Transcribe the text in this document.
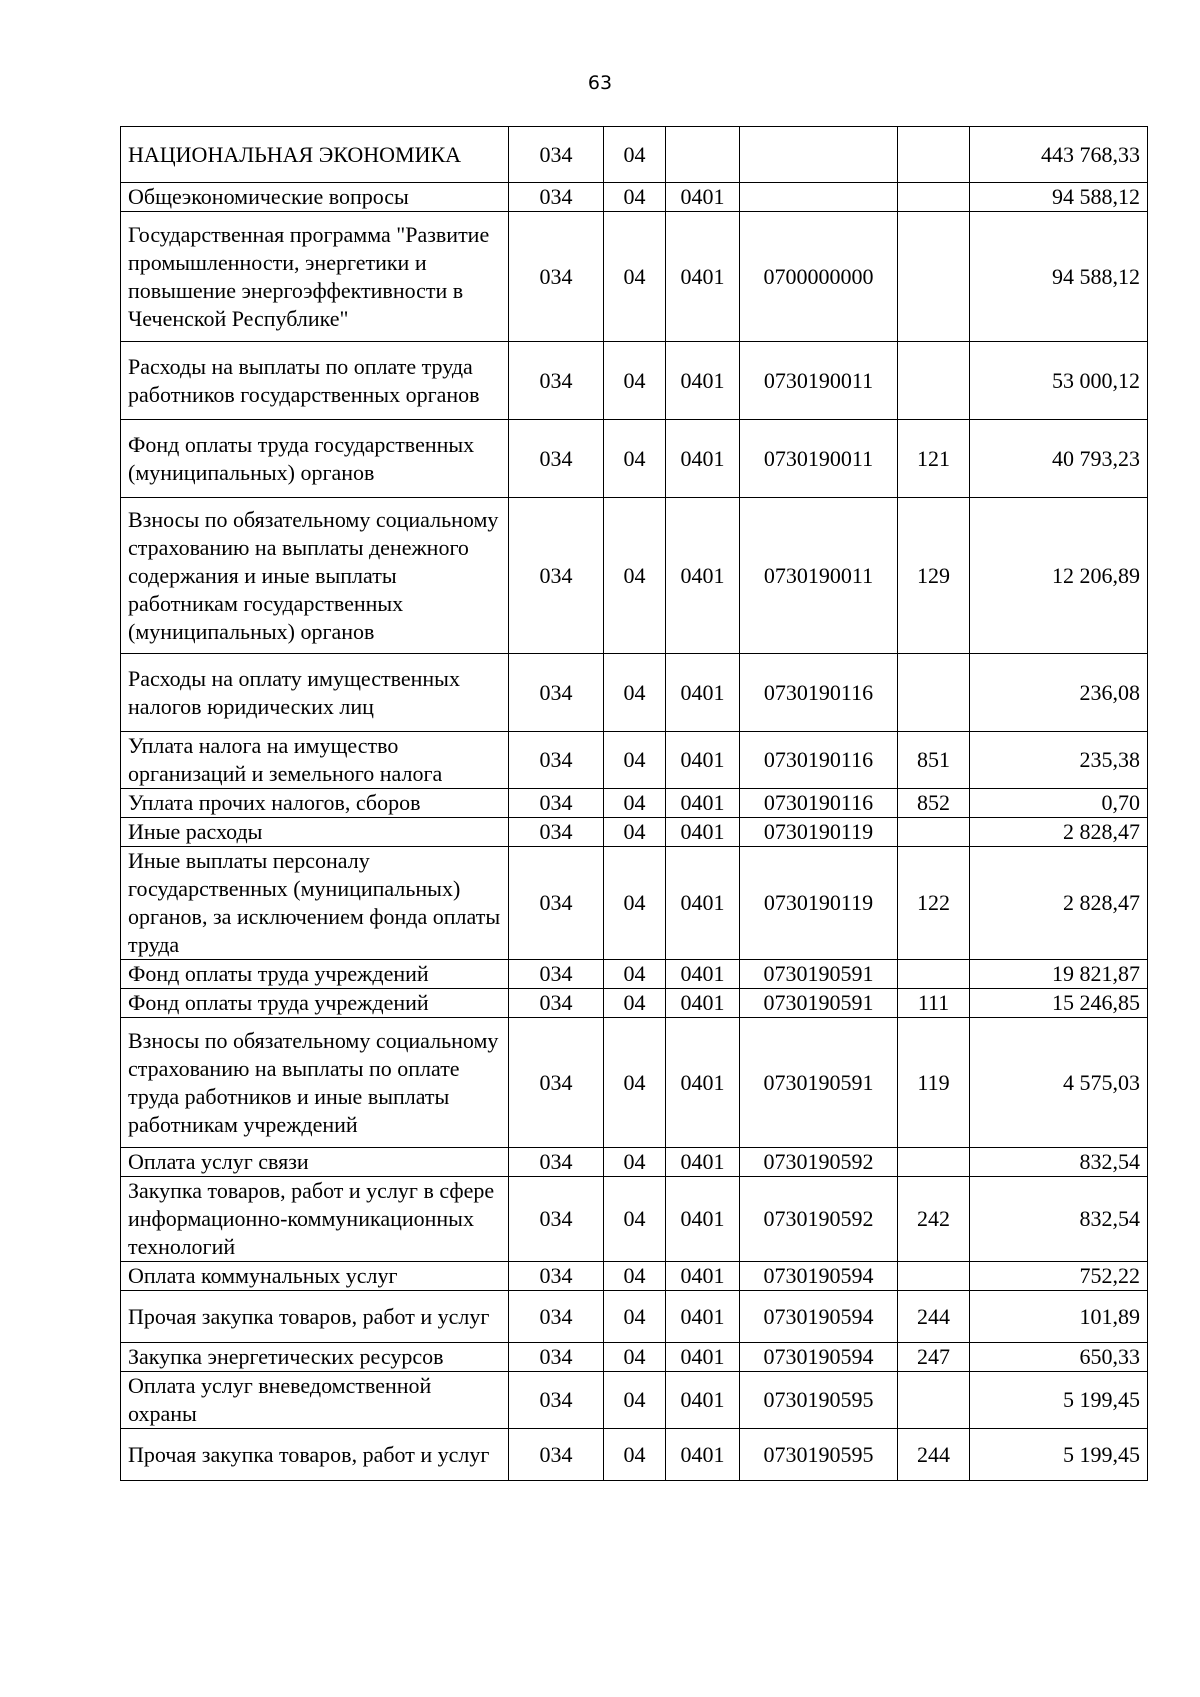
63
НАЦИОНАЛЬНАЯ ЭКОНОМИКА	034	04				443 768,33
Общеэкономические вопросы	034	04	0401			94 588,12
Государственная программа "Развитие промышленности, энергетики и повышение энергоэффективности в Чеченской Республике"	034	04	0401	0700000000		94 588,12
Расходы на выплаты по оплате труда работников государственных органов	034	04	0401	0730190011		53 000,12
Фонд оплаты труда государственных (муниципальных) органов	034	04	0401	0730190011	121	40 793,23
Взносы по обязательному социальному страхованию на выплаты денежного содержания и иные выплаты работникам государственных (муниципальных) органов	034	04	0401	0730190011	129	12 206,89
Расходы на оплату имущественных налогов юридических лиц	034	04	0401	0730190116		236,08
Уплата налога на имущество организаций и земельного налога	034	04	0401	0730190116	851	235,38
Уплата прочих налогов, сборов	034	04	0401	0730190116	852	0,70
Иные расходы	034	04	0401	0730190119		2 828,47
Иные выплаты персоналу государственных (муниципальных) органов, за исключением фонда оплаты труда	034	04	0401	0730190119	122	2 828,47
Фонд оплаты труда учреждений	034	04	0401	0730190591		19 821,87
Фонд оплаты труда учреждений	034	04	0401	0730190591	111	15 246,85
Взносы по обязательному социальному страхованию на выплаты по оплате труда работников и иные выплаты работникам учреждений	034	04	0401	0730190591	119	4 575,03
Оплата услуг связи	034	04	0401	0730190592		832,54
Закупка товаров, работ и услуг в сфере информационно-коммуникационных технологий	034	04	0401	0730190592	242	832,54
Оплата коммунальных услуг	034	04	0401	0730190594		752,22
Прочая закупка товаров, работ и услуг	034	04	0401	0730190594	244	101,89
Закупка энергетических ресурсов	034	04	0401	0730190594	247	650,33
Оплата услуг вневедомственной охраны	034	04	0401	0730190595		5 199,45
Прочая закупка товаров, работ и услуг	034	04	0401	0730190595	244	5 199,45
